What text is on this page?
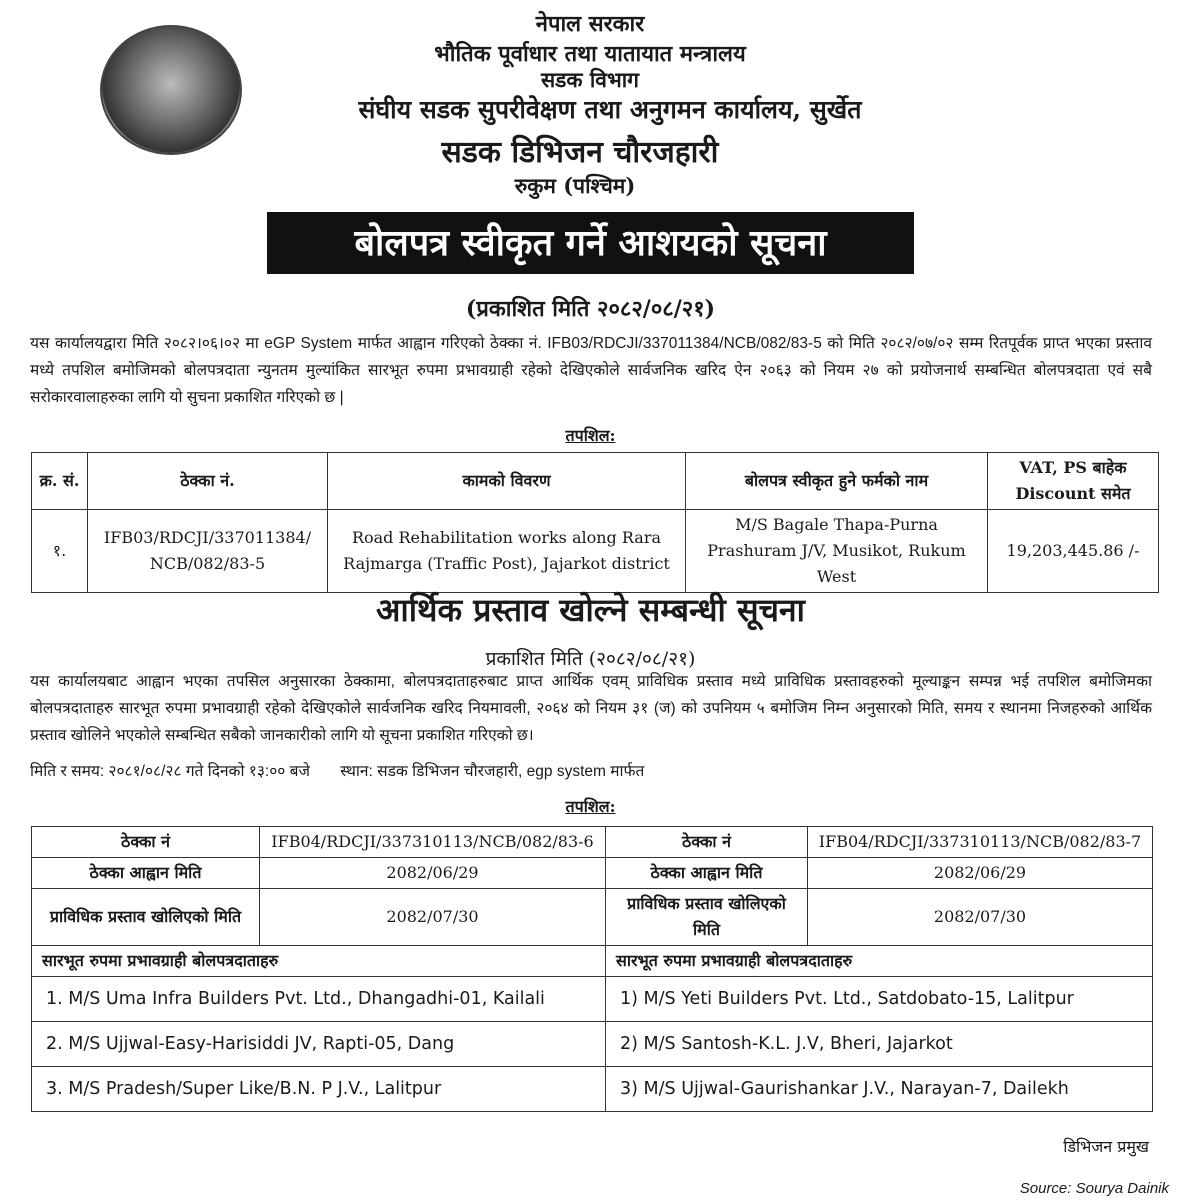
नेपाल सरकार
भौतिक पूर्वाधार तथा यातायात मन्त्रालय
सडक विभाग
संघीय सडक सुपरीवेक्षण तथा अनुगमन कार्यालय, सुर्खेत
सडक डिभिजन चौरजहारी
रुकुम (पश्चिम)
बोलपत्र स्वीकृत गर्ने आशयको सूचना
(प्रकाशित मिति २०८२/०८/२१)
यस कार्यालयद्वारा मिति २०८२।०६।०२ मा eGP System मार्फत आह्वान गरिएको ठेक्का नं. IFB03/RDCJI/337011384/NCB/082/83-5 को मिति २०८२/०७/०२ सम्म रितपूर्वक प्राप्त भएका प्रस्ताव मध्ये तपशिल बमोजिमको बोलपत्रदाता न्युनतम मुल्यांकित सारभूत रुपमा प्रभावग्राही रहेको देखिएकोले सार्वजनिक खरिद ऐन २०६३ को नियम २७ को प्रयोजनार्थ सम्बन्धित बोलपत्रदाता एवं सबै सरोकारवालाहरुका लागि यो सुचना प्रकाशित गरिएको छ |
तपशिल:
क्र. सं.	ठेक्का नं.	कामको विवरण	बोलपत्र स्वीकृत हुने फर्मको नाम	VAT, PS बाहेक Discount समेत
१.	IFB03/RDCJI/337011384/ NCB/082/83-5	Road Rehabilitation works along Rara Rajmarga (Traffic Post), Jajarkot district	M/S Bagale Thapa-Purna Prashuram J/V, Musikot, Rukum West	19,203,445.86 /-
आर्थिक प्रस्ताव खोल्ने सम्बन्धी सूचना
प्रकाशित मिति (२०८२/०८/२१)
यस कार्यालयबाट आह्वान भएका तपसिल अनुसारका ठेक्कामा, बोलपत्रदाताहरुबाट प्राप्त आर्थिक एवम् प्राविधिक प्रस्ताव मध्ये प्राविधिक प्रस्तावहरुको मूल्याङ्कन सम्पन्न भई तपशिल बमोजिमका बोलपत्रदाताहरु सारभूत रुपमा प्रभावग्राही रहेको देखिएकोले सार्वजनिक खरिद नियमावली, २०६४ को नियम ३१ (ज) को उपनियम ५ बमोजिम निम्न अनुसारको मिति, समय र स्थानमा निजहरुको आर्थिक प्रस्ताव खोलिने भएकोले सम्बन्धित सबैको जानकारीको लागि यो सूचना प्रकाशित गरिएको छ।
मिति र समय: २०८१/०८/२८ गते दिनको १३:०० बजे स्थान: सडक डिभिजन चौरजहारी, egp system मार्फत
तपशिल:
ठेक्का नं	IFB04/RDCJI/337310113/NCB/082/83-6	ठेक्का नं	IFB04/RDCJI/337310113/NCB/082/83-7
ठेक्का आह्वान मिति	2082/06/29	ठेक्का आह्वान मिति	2082/06/29
प्राविधिक प्रस्ताव खोलिएको मिति	2082/07/30	प्राविधिक प्रस्ताव खोलिएको मिति	2082/07/30
सारभूत रुपमा प्रभावग्राही बोलपत्रदाताहरु		सारभूत रुपमा प्रभावग्राही बोलपत्रदाताहरु	
1. M/S Uma Infra Builders Pvt. Ltd., Dhangadhi-01, Kailali		1) M/S Yeti Builders Pvt. Ltd., Satdobato-15, Lalitpur	
2. M/S Ujjwal-Easy-Harisiddi JV, Rapti-05, Dang		2) M/S Santosh-K.L. J.V, Bheri, Jajarkot	
3. M/S Pradesh/Super Like/B.N. P J.V., Lalitpur		3) M/S Ujjwal-Gaurishankar J.V., Narayan-7, Dailekh	
डिभिजन प्रमुख
Source: Sourya Dainik
